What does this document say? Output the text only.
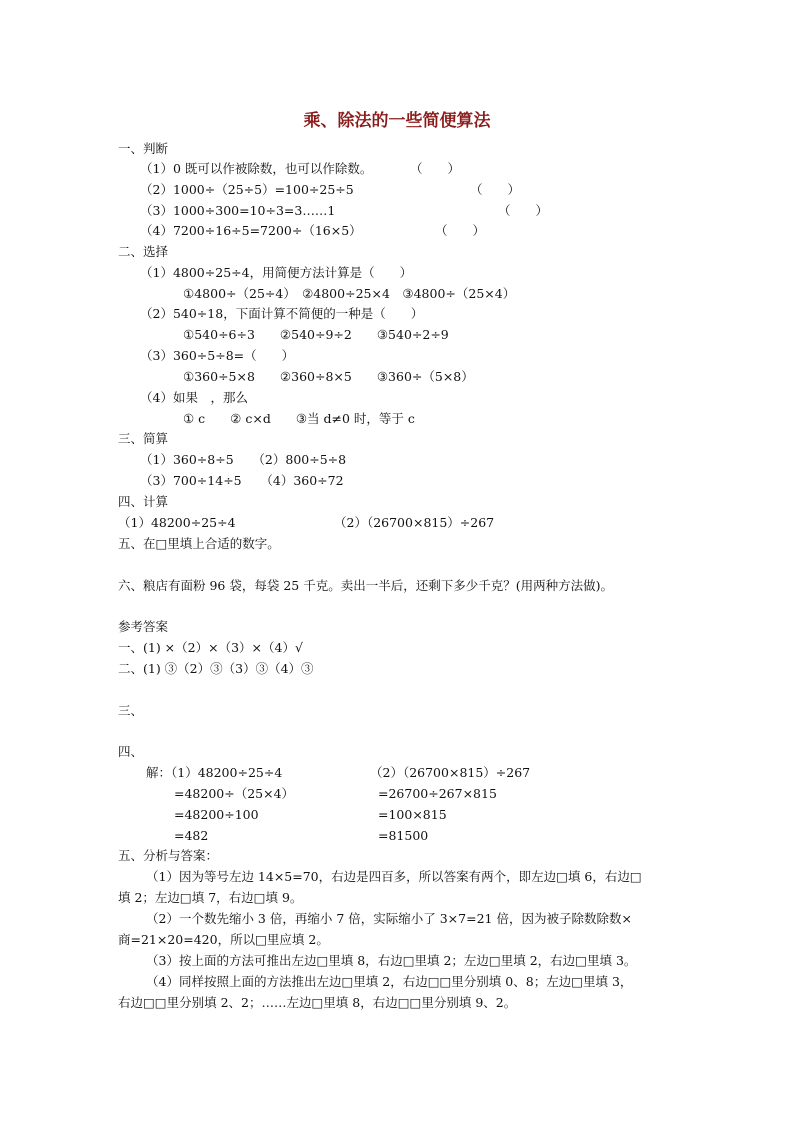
乘、除法的一些简便算法
一、判断
（1）0 既可以作被除数，也可以作除数。	（　　）
（2）1000÷（25÷5）=100÷25÷5	（　　）
（3）1000÷300=10÷3=3……1	（　　）
（4）7200÷16÷5=7200÷（16×5）	（　　）
二、选择
（1）4800÷25÷4，用简便方法计算是（　　）
①4800÷（25÷4）　②4800÷25×4　③4800÷（25×4）
（2）540÷18，下面计算不简便的一种是（　　）
①540÷6÷3　　②540÷9÷2　　③540÷2÷9
（3）360÷5÷8=（　　）
①360÷5×8　　②360÷8×5　　③360÷（5×8）
（4）如果　，那么
① c　　② c×d　　③当 d≠0 时，等于 c
三、简算
（1）360÷8÷5　　（2）800÷5÷8
（3）700÷14÷5　　（4）360÷72
四、计算
（1）48200÷25÷4	（2）（26700×815）÷267
五、在□里填上合适的数字。
六、粮店有面粉 96 袋，每袋 25 千克。卖出一半后，还剩下多少千克？(用两种方法做)。
参考答案
一、(1) ×（2）×（3）×（4）√
二、(1) ③（2）③（3）③（4）③
三、
四、
解：（1）48200÷25÷4	（2）（26700×815）÷267
=48200÷（25×4）	=26700÷267×815
=48200÷100	=100×815
=482	=81500
五、分析与答案：
（1）因为等号左边 14×5=70，右边是四百多，所以答案有两个，即左边□填 6，右边□
填 2；左边□填 7，右边□填 9。
（2）一个数先缩小 3 倍，再缩小 7 倍，实际缩小了 3×7=21 倍，因为被子除数除数×
商=21×20=420，所以□里应填 2。
（3）按上面的方法可推出左边□里填 8，右边□里填 2；左边□里填 2，右边□里填 3。
（4）同样按照上面的方法推出左边□里填 2，右边□□里分别填 0、8；左边□里填 3，
右边□□里分别填 2、2；……左边□里填 8，右边□□里分别填 9、2。
